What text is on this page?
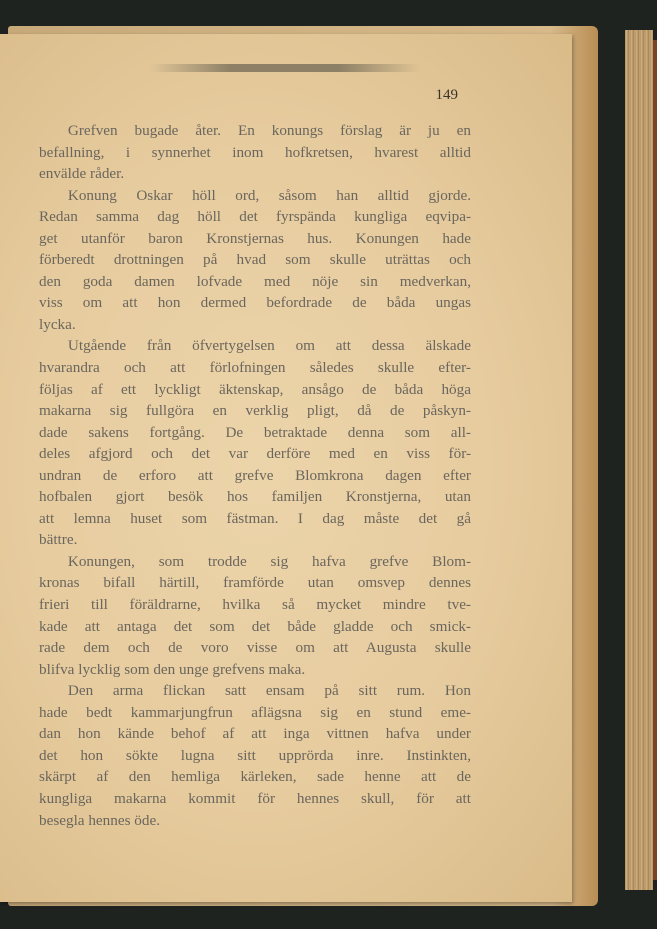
149
Grefven bugade åter. En konungs förslag är ju en
befallning, i synnerhet inom hofkretsen, hvarest alltid
envälde råder.
Konung Oskar höll ord, såsom han alltid gjorde.
Redan samma dag höll det fyrspända kungliga eqvipa-
get utanför baron Kronstjernas hus. Konungen hade
förberedt drottningen på hvad som skulle uträttas och
den goda damen lofvade med nöje sin medverkan,
viss om att hon dermed befordrade de båda ungas
lycka.
Utgående från öfvertygelsen om att dessa älskade
hvarandra och att förlofningen således skulle efter-
följas af ett lyckligt äktenskap, ansågo de båda höga
makarna sig fullgöra en verklig pligt, då de påskyn-
dade sakens fortgång. De betraktade denna som all-
deles afgjord och det var derföre med en viss för-
undran de erforo att grefve Blomkrona dagen efter
hofbalen gjort besök hos familjen Kronstjerna, utan
att lemna huset som fästman. I dag måste det gå
bättre.
Konungen, som trodde sig hafva grefve Blom-
kronas bifall härtill, framförde utan omsvep dennes
frieri till föräldrarne, hvilka så mycket mindre tve-
kade att antaga det som det både gladde och smick-
rade dem och de voro visse om att Augusta skulle
blifva lycklig som den unge grefvens maka.
Den arma flickan satt ensam på sitt rum. Hon
hade bedt kammarjungfrun aflägsna sig en stund eme-
dan hon kände behof af att inga vittnen hafva under
det hon sökte lugna sitt upprörda inre. Instinkten,
skärpt af den hemliga kärleken, sade henne att de
kungliga makarna kommit för hennes skull, för att
besegla hennes öde.
